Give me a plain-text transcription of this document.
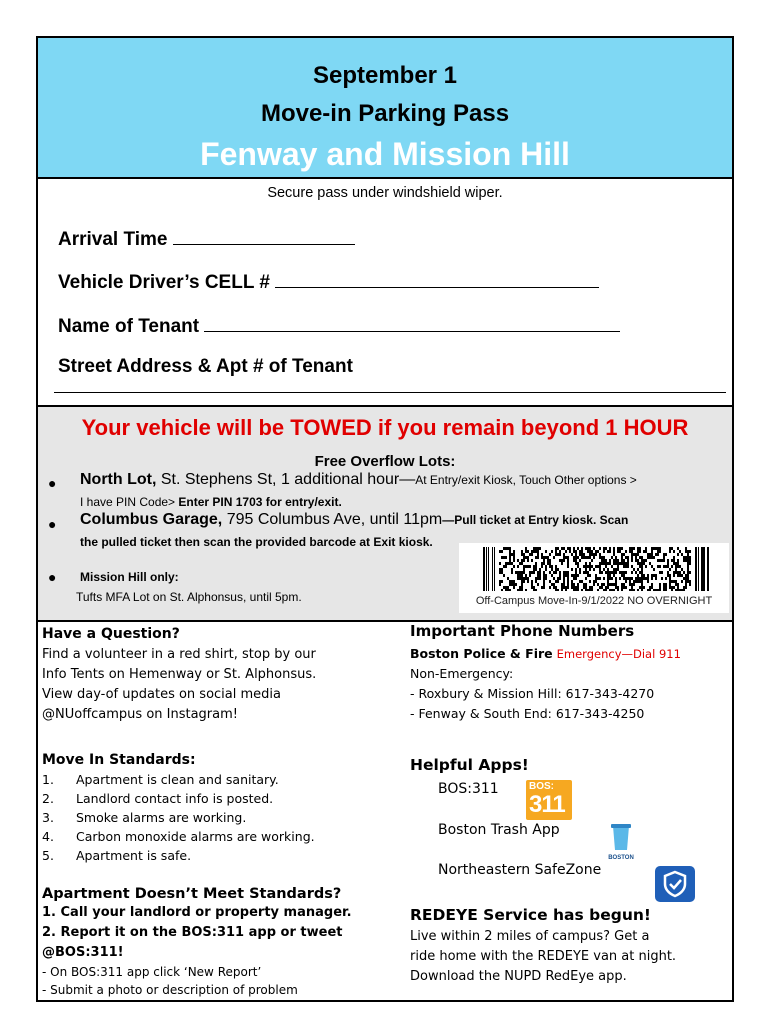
September 1
Move-in Parking Pass
Fenway and Mission Hill
Secure pass under windshield wiper.
Arrival Time
Vehicle Driver’s CELL #
Name of Tenant
Street Address & Apt # of Tenant
Your vehicle will be TOWED if you remain beyond 1 HOUR
Free Overflow Lots:
● North Lot, St. Stephens St, 1 additional hour—At Entry/exit Kiosk, Touch Other options >
I have PIN Code> Enter PIN 1703 for entry/exit.
● Columbus Garage, 795 Columbus Ave, until 11pm—Pull ticket at Entry kiosk. Scan
the pulled ticket then scan the provided barcode at Exit kiosk.
● Mission Hill only:
Tufts MFA Lot on St. Alphonsus, until 5pm.	Off-Campus Move-In-9/1/2022 NO OVERNIGHT

Have a Question?

Find a volunteer in a red shirt, stop by our

Info Tents on Hemenway or St. Alphonsus.

View day-of updates on social media

@NUoffcampus on Instagram!

Move In Standards:

1. Apartment is clean and sanitary.
2. Landlord contact info is posted.
3. Smoke alarms are working.
4. Carbon monoxide alarms are working.
5. Apartment is safe.

Apartment Doesn’t Meet Standards?

1. Call your landlord or property manager.

2. Report it on the BOS:311 app or tweet

@BOS:311!

- On BOS:311 app click ‘New Report’

- Submit a photo or description of problem

Important Phone Numbers

Boston Police & Fire Emergency—Dial 911

Non-Emergency:

- Roxbury & Mission Hill: 617-343-4270

- Fenway & South End: 617-343-4250

Helpful Apps!

BOS:311	BOS:
311
Boston Trash App
BOSTON
Northeastern SafeZone

REDEYE Service has begun!

Live within 2 miles of campus? Get a

ride home with the REDEYE van at night.

Download the NUPD RedEye app.
